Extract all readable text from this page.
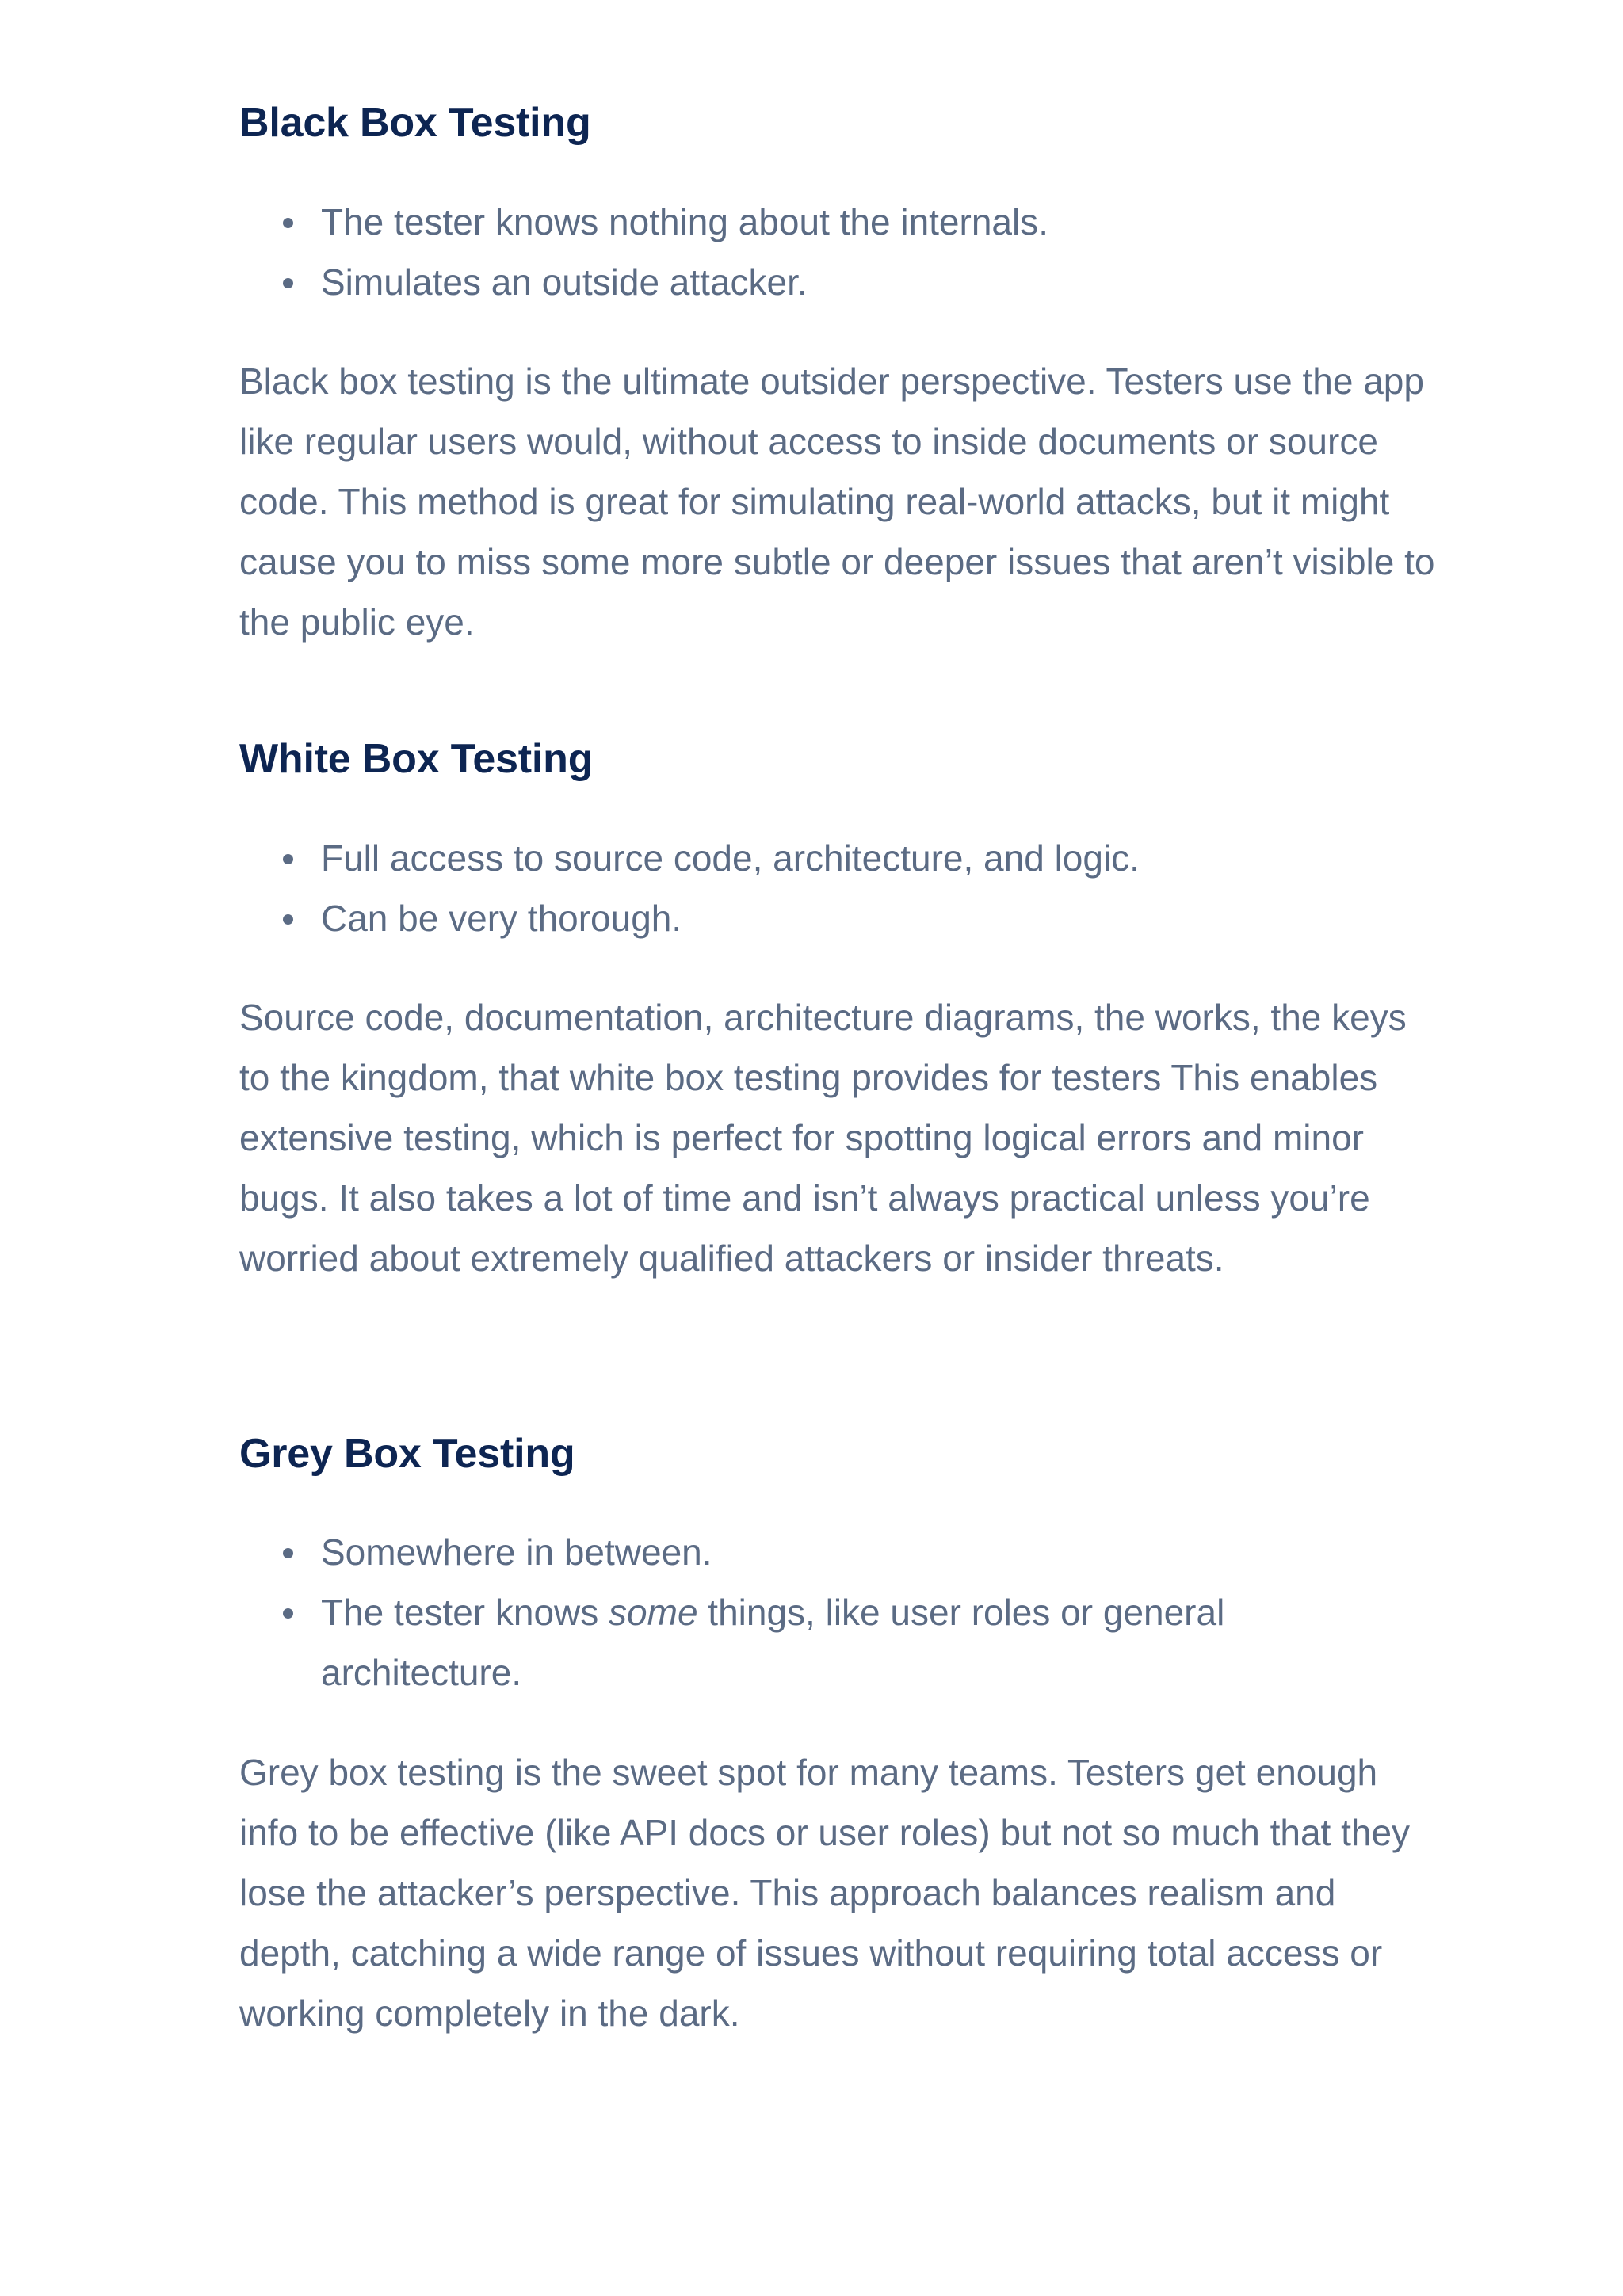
Black Box Testing
The tester knows nothing about the internals.
Simulates an outside attacker.

Black box testing is the ultimate outsider perspective. Testers use the app like regular users would, without access to inside documents or source code. This method is great for simulating real-world attacks, but it might cause you to miss some more subtle or deeper issues that aren’t visible to the public eye.

White Box Testing
Full access to source code, architecture, and logic.
Can be very thorough.

Source code, documentation, architecture diagrams, the works, the keys to the kingdom, that white box testing provides for testers This enables extensive testing, which is perfect for spotting logical errors and minor bugs. It also takes a lot of time and isn’t always practical unless you’re worried about extremely qualified attackers or insider threats.

Grey Box Testing
Somewhere in between.
The tester knows some things, like user roles or general architecture.

Grey box testing is the sweet spot for many teams. Testers get enough info to be effective (like API docs or user roles) but not so much that they lose the attacker’s perspective. This approach balances realism and depth, catching a wide range of issues without requiring total access or working completely in the dark.
